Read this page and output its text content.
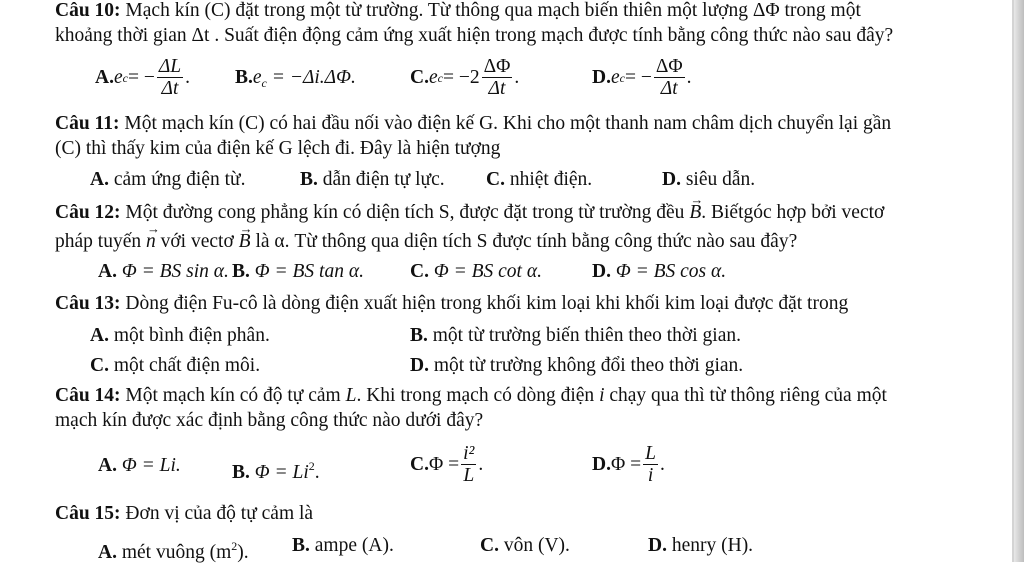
Câu 10: Mạch kín (C) đặt trong một từ trường. Từ thông qua mạch biến thiên một lượng ΔΦ trong một
khoảng thời gian Δt . Suất điện động cảm ứng xuất hiện trong mạch được tính bằng công thức nào sau đây?
A. e c = − $\frac{\Delta L}{\Delta t}$ . $B.e_c = -\Delta i.\Delta\Phi$.	C. e $c = -2 \frac{\Delta\Phi}{\Delta t}$ .	D. e c = − $\frac{\Delta\Phi}{\Delta t}$ .
Câu 11: Một mạch kín (C) có hai đầu nối vào điện kế G. Khi cho một thanh nam châm dịch chuyển lại gần
(C) thì thấy kim của điện kế G lệch đi. Đây là hiện tượng
A. cảm ứng điện từ.	B. dẫn điện tự lực. C. nhiệt điện.	D. siêu dẫn.
Câu 12: Một đường cong phẳng kín có diện tích S, được đặt trong từ trường đều → B. Biếtgóc hợp bởi vectơ
pháp tuyến → n với vectơ → B là α. Từ thông qua diện tích S được tính bằng công thức nào sau đây?
A. Φ = BS sin α. B. Φ = BS tan α. C. Φ = BS cot α.	D. Φ = BS cos α.
Câu 13: Dòng điện Fu-cô là dòng điện xuất hiện trong khối kim loại khi khối kim loại được đặt trong
A. một bình điện phân.	B. một từ trường biến thiên theo thời gian.
C. một chất điện môi.	D. một từ trường không đổi theo thời gian.
Câu 14: Một mạch kín có độ tự cảm L. Khi trong mạch có dòng điện i chạy qua thì từ thông riêng của một
mạch kín được xác định bằng công thức nào dưới đây?
A. Φ = Li.	B. $\Phi = Li^2$.	C. $\Phi = \frac{\text{i²}}{L}$ .	D. $\Phi = \frac{L}{i}$ .
Câu 15: Đơn vị của độ tự cảm là
A. mét vuông $(m^2)$. B. ampe (A).	C. vôn (V).	D. henry (H).
